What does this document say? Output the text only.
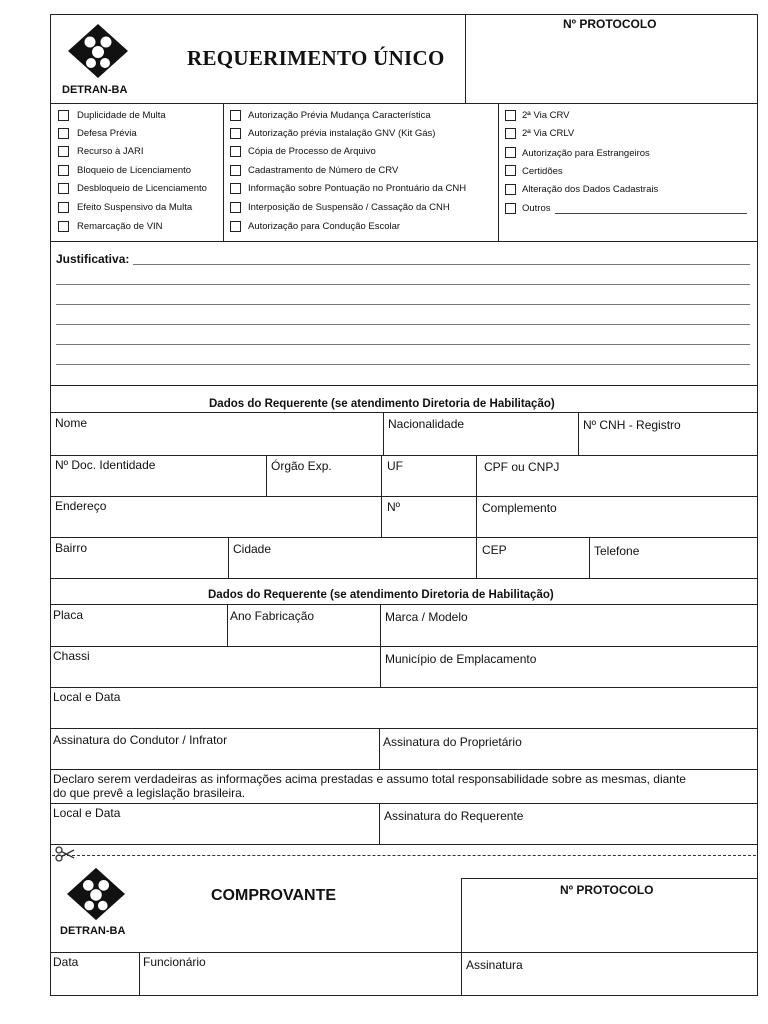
DETRAN-BA
REQUERIMENTO ÚNICO
Nº PROTOCOLO
Duplicidade de Multa
Defesa Prévia
Recurso à JARI
Bloqueio de Licenciamento
Desbloqueio de Licenciamento
Efeito Suspensivo da Multa
Remarcação de VIN
Autorização Prévia Mudança Característica
Autorização prévia instalação GNV (Kit Gás)
Cópia de Processo de Arquivo
Cadastramento de Número de CRV
Informação sobre Pontuação no Prontuário da CNH
Interposição de Suspensão / Cassação da CNH
Autorização para Condução Escolar
2ª Via CRV
2ª Via CRLV
Autorização para Estrangeiros
Certidões
Alteração dos Dados Cadastrais
Outros
Justificativa:
Dados do Requerente (se atendimento Diretoria de Habilitação)
Nome	Nacionalidade	Nº CNH - Registro
Nº Doc. Identidade	Órgão Exp.	UF	CPF ou CNPJ
Endereço	Nº	Complemento
Bairro	Cidade	CEP	Telefone
Dados do Requerente (se atendimento Diretoria de Habilitação)
Placa	Ano Fabricação	Marca / Modelo
Chassi	Município de Emplacamento
Local e Data
Assinatura do Condutor / Infrator	Assinatura do Proprietário
Declaro serem verdadeiras as informações acima prestadas e assumo total responsabilidade sobre as mesmas, diante
do que prevê a legislação brasileira.
Local e Data	Assinatura do Requerente
DETRAN-BA
COMPROVANTE	Nº PROTOCOLO
Data	Funcionário	Assinatura
